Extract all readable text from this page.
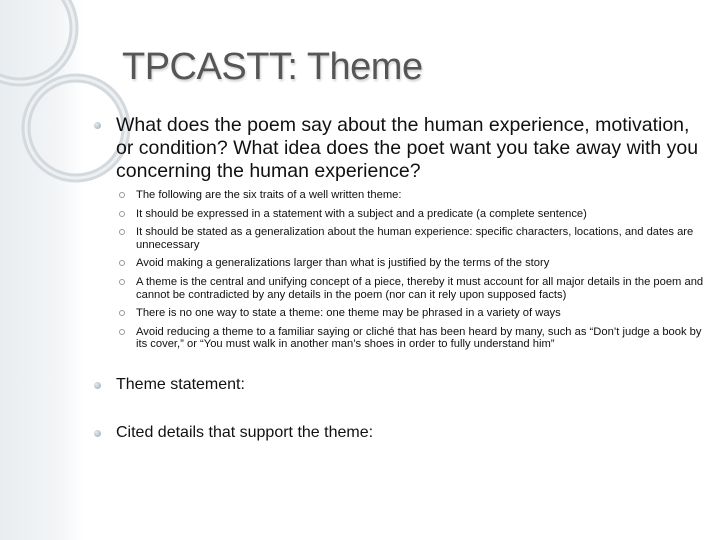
TPCASTT: Theme
What does the poem say about the human experience, motivation, or condition? What idea does the poet want you take away with you concerning the human experience?
The following are the six traits of a well written theme:
It should be expressed in a statement with a subject and a predicate (a complete sentence)
It should be stated as a generalization about the human experience: specific characters, locations, and dates are unnecessary
Avoid making a generalizations larger than what is justified by the terms of the story
A theme is the central and unifying concept of a piece, thereby it must account for all major details in the poem and cannot be contradicted by any details in the poem (nor can it rely upon supposed facts)
There is no one way to state a theme: one theme may be phrased in a variety of ways
Avoid reducing a theme to a familiar saying or cliché that has been heard by many, such as “Don’t judge a book by its cover,” or “You must walk in another man’s shoes in order to fully understand him”
Theme statement:
Cited details that support the theme:
